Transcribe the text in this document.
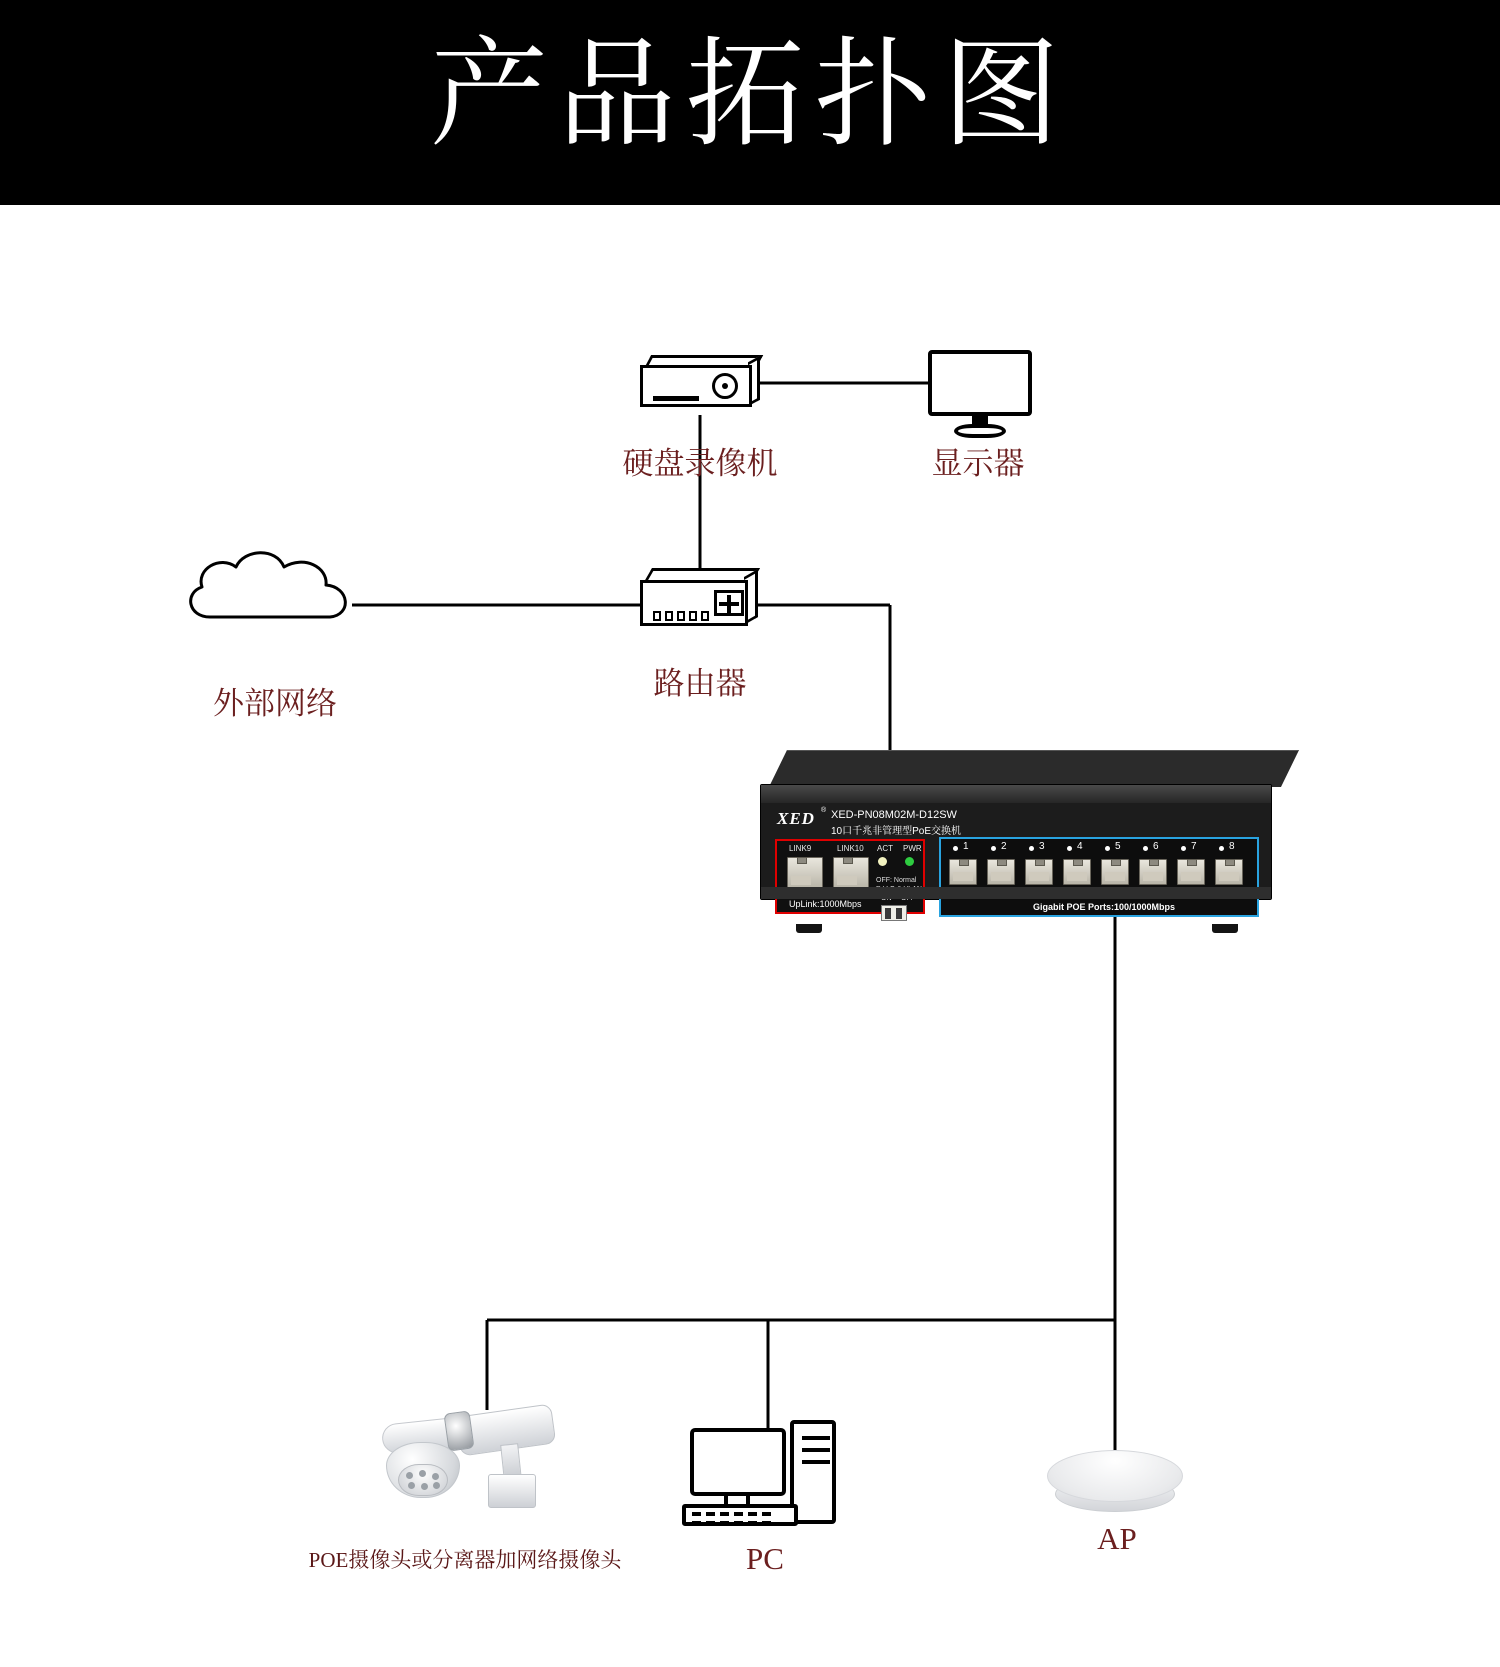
产品拓扑图
硬盘录像机	显示器
外部网络
路由器
XED ® XED-PN08M02M-D12SW
10口千兆非管理型PoE交换机
LINK9	LINK10 ACT PWR
OFF: Normal
UpLink:1000Mbps
1	2	3	4	5	6	7	8
Gigabit POE Ports:100/1000Mbps
POE摄像头或分离器加网络摄像头	PC
AP
